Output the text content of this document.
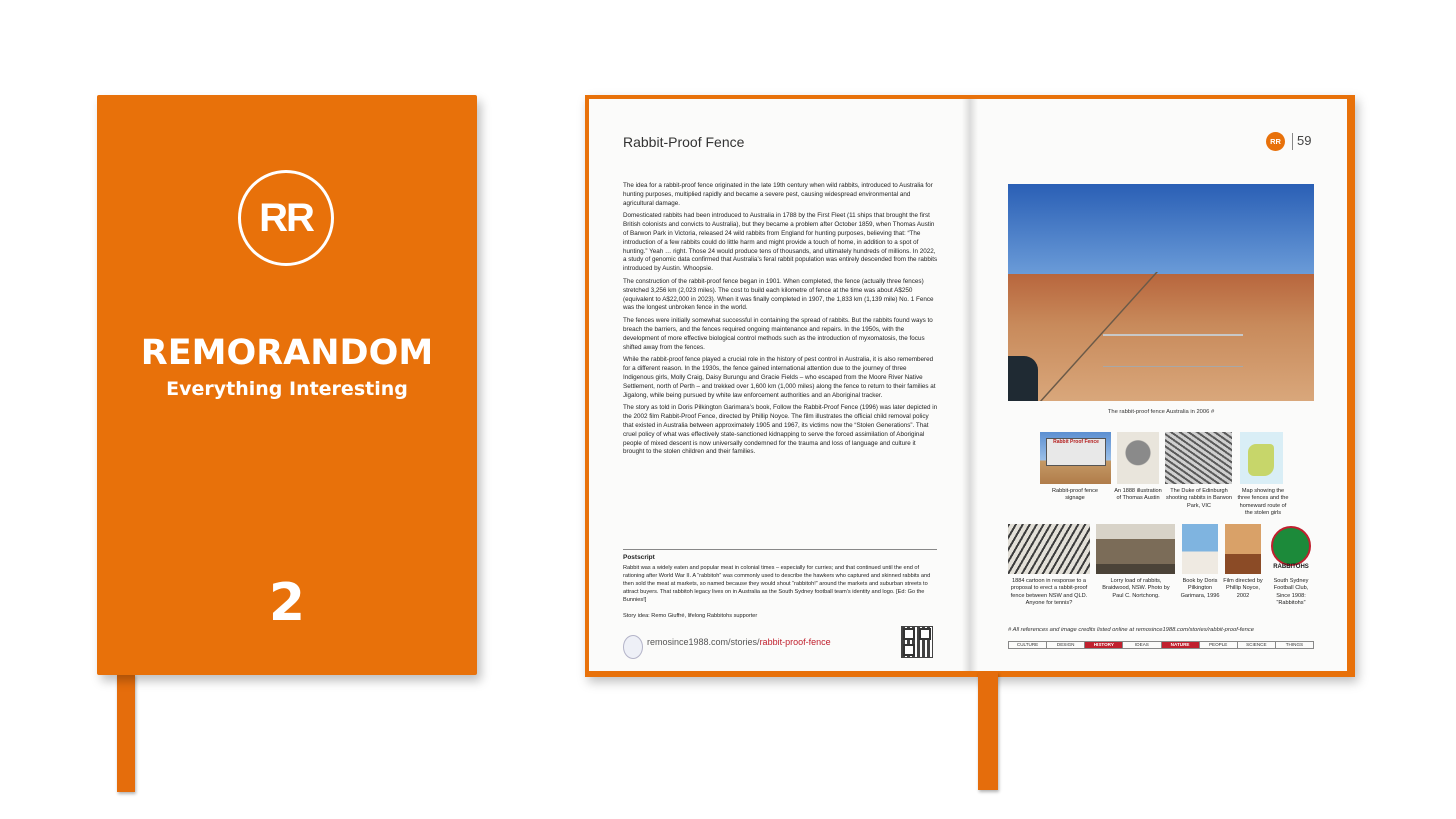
RR
REMORANDOM
Everything Interesting
2
Rabbit-Proof Fence

The idea for a rabbit-proof fence originated in the late 19th century when wild rabbits, introduced to Australia for hunting purposes, multiplied rapidly and became a severe pest, causing widespread environmental and agricultural damage.

Domesticated rabbits had been introduced to Australia in 1788 by the First Fleet (11 ships that brought the first British colonists and convicts to Australia), but they became a problem after October 1859, when Thomas Austin of Barwon Park in Victoria, released 24 wild rabbits from England for hunting purposes, believing that: “The introduction of a few rabbits could do little harm and might provide a touch of home, in addition to a spot of hunting.” Yeah … right. Those 24 would produce tens of thousands, and ultimately hundreds of millions. In 2022, a study of genomic data confirmed that Australia’s feral rabbit population was entirely descended from the rabbits introduced by Austin. Whoopsie.

The construction of the rabbit-proof fence began in 1901. When completed, the fence (actually three fences) stretched 3,256 km (2,023 miles). The cost to build each kilometre of fence at the time was about A$250 (equivalent to A$22,000 in 2023). When it was finally completed in 1907, the 1,833 km (1,139 mile) No. 1 Fence was the longest unbroken fence in the world.

The fences were initially somewhat successful in containing the spread of rabbits. But the rabbits found ways to breach the barriers, and the fences required ongoing maintenance and repairs. In the 1950s, with the development of more effective biological control methods such as the introduction of myxomatosis, the focus shifted away from the fences.

While the rabbit-proof fence played a crucial role in the history of pest control in Australia, it is also remembered for a different reason. In the 1930s, the fence gained international attention due to the journey of three Indigenous girls, Molly Craig, Daisy Burungu and Gracie Fields – who escaped from the Moore River Native Settlement, north of Perth – and trekked over 1,600 km (1,000 miles) along the fence to return to their families at Jigalong, while being pursued by white law enforcement authorities and an Aboriginal tracker.

The story as told in Doris Pilkington Garimara’s book, Follow the Rabbit-Proof Fence (1996) was later depicted in the 2002 film Rabbit-Proof Fence, directed by Phillip Noyce. The film illustrates the official child removal policy that existed in Australia between approximately 1905 and 1967, its victims now the “Stolen Generations”. That cruel policy of what was effectively state-sanctioned kidnapping to serve the forced assimilation of Aboriginal people of mixed descent is now universally condemned for the trauma and loss of language and culture it brought to the stolen children and their families.

Postscript
Rabbit was a widely eaten and popular meat in colonial times – especially for curries; and that continued until the end of rationing after World War II. A “rabbitoh” was commonly used to describe the hawkers who captured and skinned rabbits and then sold the meat at markets, so named because they would shout “rabbitoh!” around the markets and suburban streets to attract buyers. That rabbitoh legacy lives on in Australia as the South Sydney football team’s identity and logo. [Ed: Go the Bunnies!]
Story idea: Remo Giuffré, lifelong Rabbitohs supporter
remosince1988.com/stories/rabbit-proof-fence
RR	59
The rabbit-proof fence Australia in 2006 #
Rabbit Proof Fence
Rabbit-proof fence signage
An 1888 illustration of Thomas Austin
The Duke of Edinburgh shooting rabbits in Barwon Park, VIC
Map showing the three fences and the homeward route of the stolen girls
RABBITOHS
1884 cartoon in response to a proposal to erect a rabbit-proof fence between NSW and QLD. Anyone for tennis?
Lorry load of rabbits, Braidwood, NSW. Photo by Paul C. Nortchong.
Book by Doris Pilkington Garimara, 1996
Film directed by Phillip Noyce, 2002
South Sydney Football Club, Since 1908: “Rabbitohs”
# All references and image credits listed online at remosince1988.com/stories/rabbit-proof-fence
CULTURE	DESIGN	HISTORY	IDEAS	NATURE	PEOPLE	SCIENCE	THINGS
